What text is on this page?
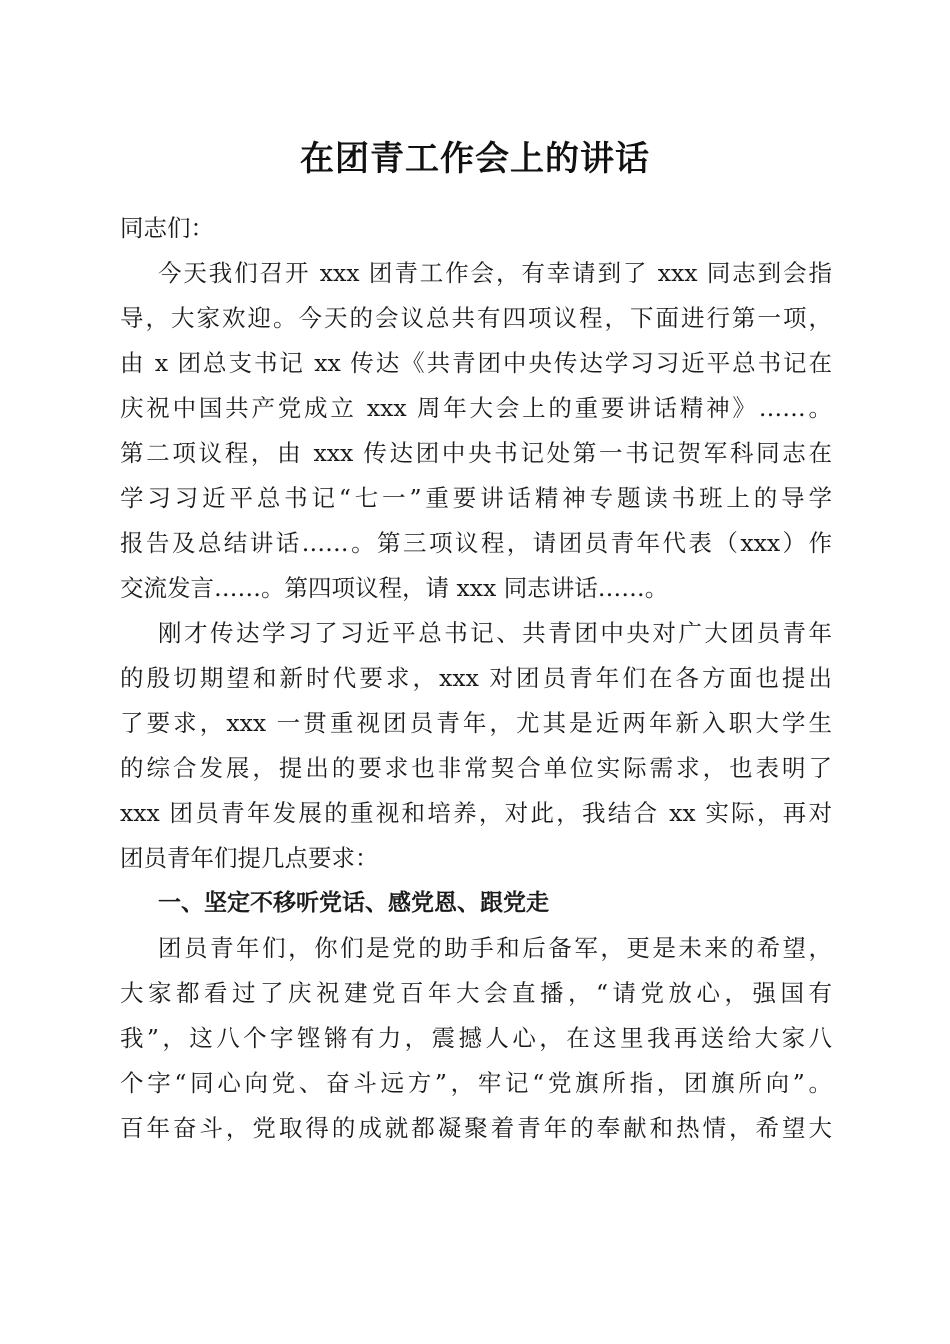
在团青工作会上的讲话
同志们：
今天我们召开 xxx 团青工作会，有幸请到了 xxx 同志到会指
导，大家欢迎。今天的会议总共有四项议程，下面进行第一项，
由 x 团总支书记 xx 传达《共青团中央传达学习习近平总书记在
庆祝中国共产党成立 xxx 周年大会上的重要讲话精神》……。
第二项议程，由 xxx 传达团中央书记处第一书记贺军科同志在
学习习近平总书记“七一”重要讲话精神专题读书班上的导学
报告及总结讲话……。第三项议程，请团员青年代表（xxx）作
交流发言……。第四项议程，请 xxx 同志讲话……。
刚才传达学习了习近平总书记、共青团中央对广大团员青年
的殷切期望和新时代要求，xxx 对团员青年们在各方面也提出
了要求，xxx 一贯重视团员青年，尤其是近两年新入职大学生
的综合发展，提出的要求也非常契合单位实际需求，也表明了
xxx 团员青年发展的重视和培养，对此，我结合 xx 实际，再对
团员青年们提几点要求：
一、坚定不移听党话、感党恩、跟党走
团员青年们，你们是党的助手和后备军，更是未来的希望，
大家都看过了庆祝建党百年大会直播，“请党放心，强国有
我”，这八个字铿锵有力，震撼人心，在这里我再送给大家八
个字“同心向党、奋斗远方”，牢记“党旗所指，团旗所向”。
百年奋斗，党取得的成就都凝聚着青年的奉献和热情，希望大
